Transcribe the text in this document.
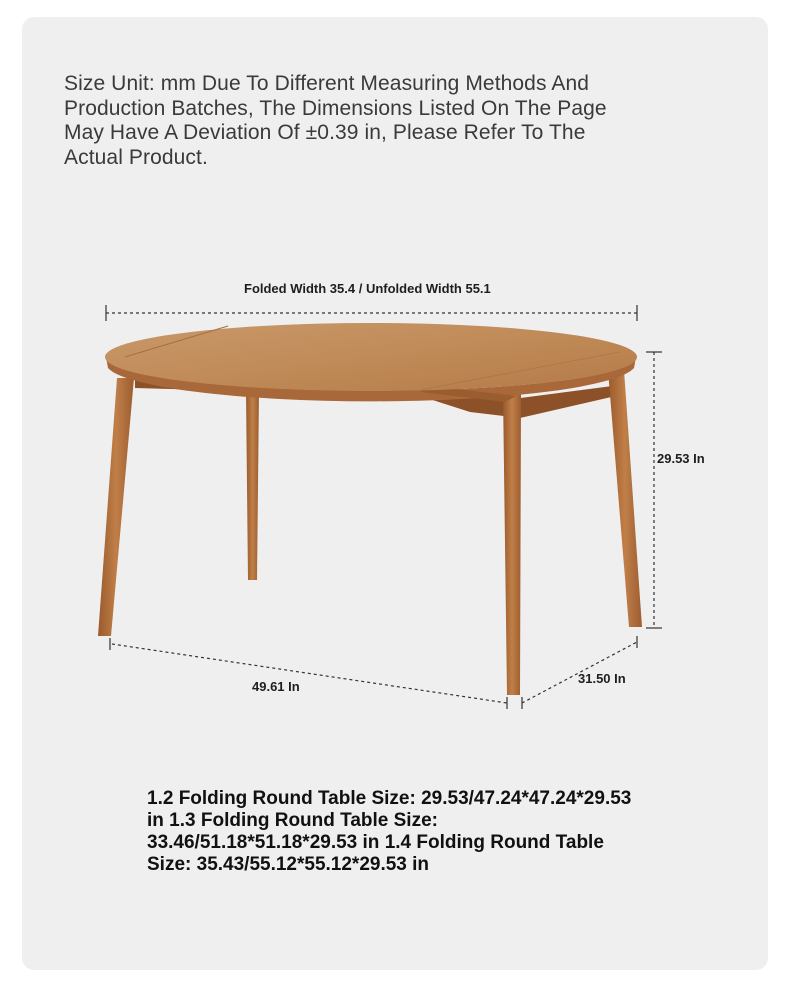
Size Unit: mm Due To Different Measuring Methods And Production Batches, The Dimensions Listed On The Page May Have A Deviation Of ±0.39 in, Please Refer To The Actual Product.
Folded Width 35.4 / Unfolded Width 55.1
29.53 In
49.61 In
31.50 In
1.2 Folding Round Table Size: 29.53/47.24*47.24*29.53 in 1.3 Folding Round Table Size: 33.46/51.18*51.18*29.53 in 1.4 Folding Round Table Size: 35.43/55.12*55.12*29.53 in
